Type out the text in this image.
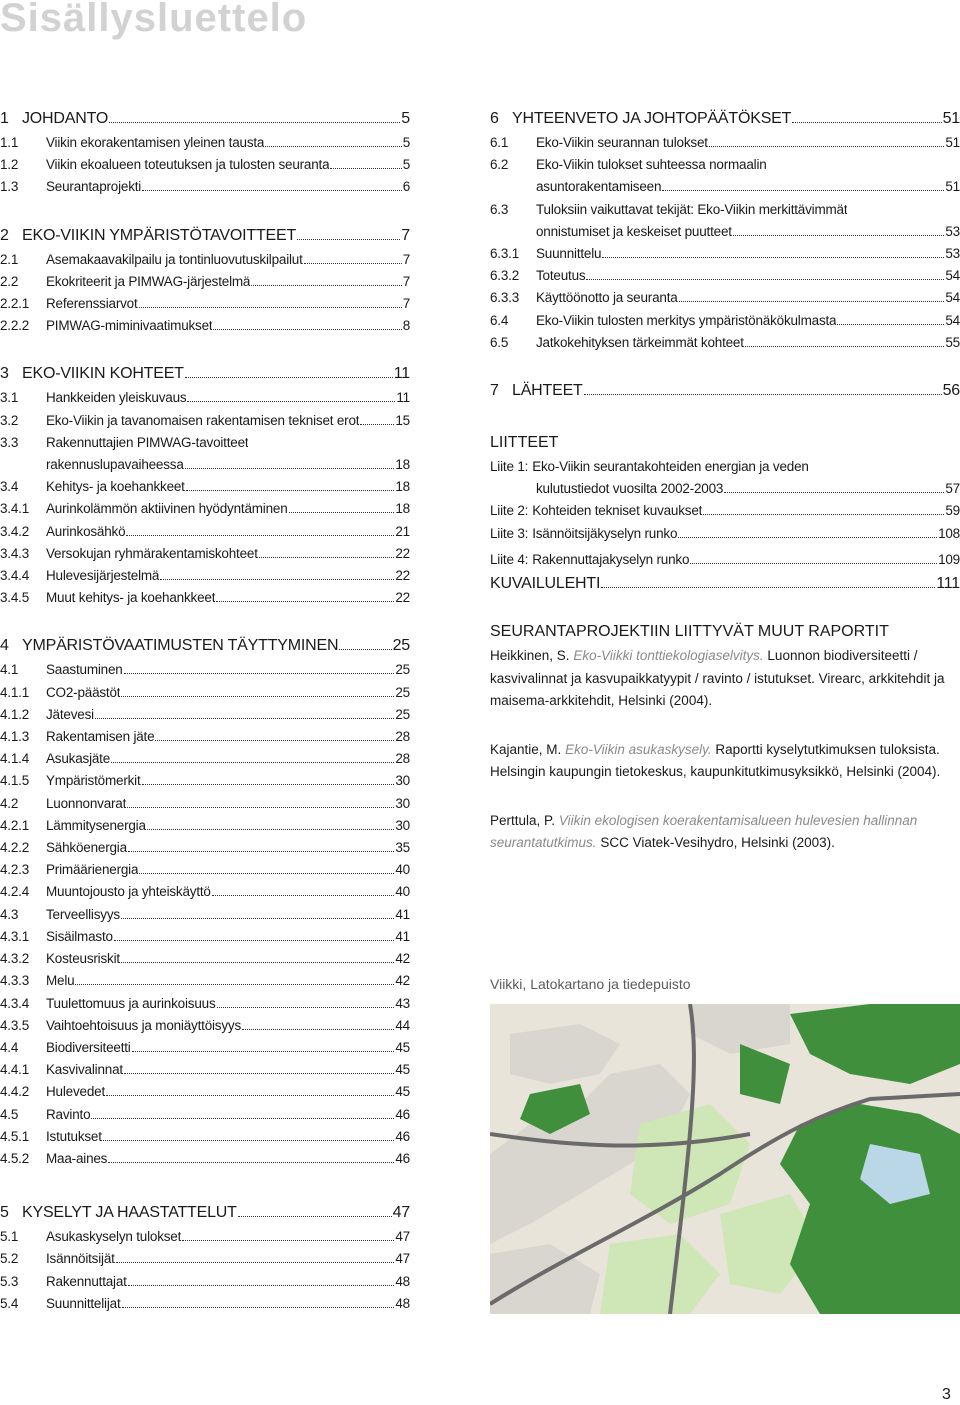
Sisällysluettelo
1 JOHDANTO	5
1.1	Viikin ekorakentamisen yleinen tausta	5
1.2	Viikin ekoalueen toteutuksen ja tulosten seuranta	5
1.3	Seurantaprojekti	6
2 EKO-VIIKIN YMPÄRISTÖTAVOITTEET	7
2.1	Asemakaavakilpailu ja tontinluovutuskilpailut	7
2.2	Ekokriteerit ja PIMWAG-järjestelmä	7
2.2.1	Referenssiarvot	7
2.2.2	PIMWAG-miminivaatimukset	8
3 EKO-VIIKIN KOHTEET	11
3.1	Hankkeiden yleiskuvaus	11
3.2	Eko-Viikin ja tavanomaisen rakentamisen tekniset erot	15
3.3	Rakennuttajien PIMWAG-tavoitteet
rakennuslupavaiheessa	18
3.4	Kehitys- ja koehankkeet	18
3.4.1	Aurinkolämmön aktiivinen hyödyntäminen	18
3.4.2	Aurinkosähkö	21
3.4.3	Versokujan ryhmärakentamiskohteet	22
3.4.4	Hulevesijärjestelmä	22
3.4.5	Muut kehitys- ja koehankkeet	22
4 YMPÄRISTÖVAATIMUSTEN TÄYTTYMINEN	25
4.1	Saastuminen	25
4.1.1	CO2-päästöt	25
4.1.2	Jätevesi	25
4.1.3	Rakentamisen jäte	28
4.1.4	Asukasjäte	28
4.1.5	Ympäristömerkit	30
4.2	Luonnonvarat	30
4.2.1	Lämmitysenergia	30
4.2.2	Sähköenergia	35
4.2.3	Primäärienergia	40
4.2.4	Muuntojousto ja yhteiskäyttö	40
4.3	Terveellisyys	41
4.3.1	Sisäilmasto	41
4.3.2	Kosteusriskit	42
4.3.3	Melu	42
4.3.4	Tuulettomuus ja aurinkoisuus	43
4.3.5	Vaihtoehtoisuus ja moniäyttöisyys	44
4.4	Biodiversiteetti	45
4.4.1	Kasvivalinnat	45
4.4.2	Hulevedet	45
4.5	Ravinto	46
4.5.1	Istutukset	46
4.5.2	Maa-aines	46
5 KYSELYT JA HAASTATTELUT	47
5.1	Asukaskyselyn tulokset	47
5.2	Isännöitsijät	47
5.3	Rakennuttajat	48
5.4	Suunnittelijat	48
6 YHTEENVETO JA JOHTOPÄÄTÖKSET	51
6.1	Eko-Viikin seurannan tulokset	51
6.2	Eko-Viikin tulokset suhteessa normaalin
asuntorakentamiseen	51
6.3	Tuloksiin vaikuttavat tekijät: Eko-Viikin merkittävimmät
onnistumiset ja keskeiset puutteet	53
6.3.1	Suunnittelu	53
6.3.2	Toteutus	54
6.3.3	Käyttöönotto ja seuranta	54
6.4	Eko-Viikin tulosten merkitys ympäristönäkökulmasta	54
6.5	Jatkokehityksen tärkeimmät kohteet	55
7 LÄHTEET	56

LIITTEET

Liite 1: Eko-Viikin seurantakohteiden energian ja veden
kulutustiedot vuosilta 2002-2003	57
Liite 2: Kohteiden tekniset kuvaukset	59
Liite 3: Isännöitsijäkyselyn runko	108
Liite 4: Rakennuttajakyselyn runko	109
KUVAILULEHTI	111

SEURANTAPROJEKTIIN LIITTYVÄT MUUT RAPORTIT

Heikkinen, S. Eko-Viikki tonttiekologiaselvitys. Luonnon biodiversiteetti / kasvivalinnat ja kasvupaikkatyypit / ravinto / istutukset. Virearc, arkkitehdit ja maisema-arkkitehdit, Helsinki (2004).

Kajantie, M. Eko-Viikin asukaskysely. Raportti kyselytutkimuksen tuloksista. Helsingin kaupungin tietokeskus, kaupunkitutkimusyksikkö, Helsinki (2004).

Perttula, P. Viikin ekologisen koerakentamisalueen hulevesien hallinnan seurantatutkimus. SCC Viatek-Vesihydro, Helsinki (2003).

Viikki, Latokartano ja tiedepuisto
3
